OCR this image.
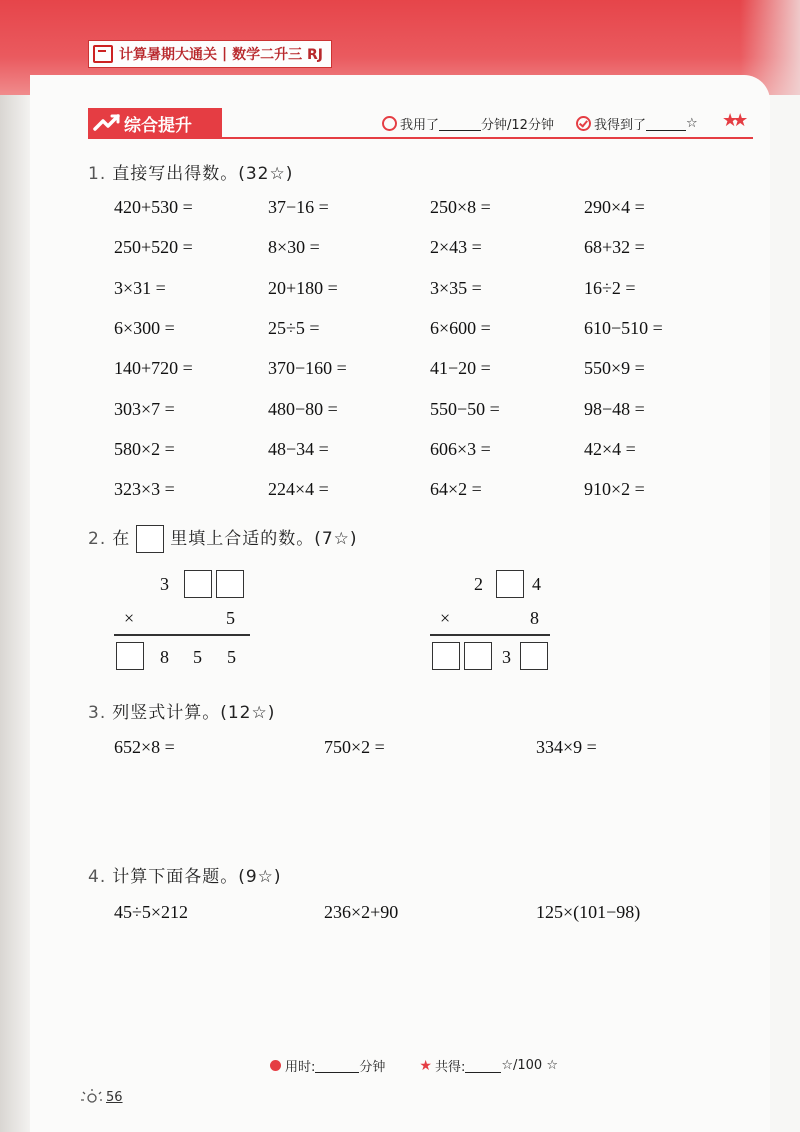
计算暑期大通关 | 数学二升三 RJ
综合提升	我用了	分钟/12分钟	我得到了	☆ ★★
1. 直接写出得数。(32☆)
420+530 =	37−16 =	250×8 =	290×4 =
250+520 =	8×30 =	2×43 =	68+32 =
3×31 =	20+180 =	3×35 =	16÷2 =
6×300 =	25÷5 =	6×600 =	610−510 =
140+720 =	370−160 =	41−20 =	550×9 =
303×7 =	480−80 =	550−50 =	98−48 =
580×2 =	48−34 =	606×3 =	42×4 =
323×3 =	224×4 =	64×2 =	910×2 =
2. 在 里填上合适的数。(7☆)
3
×	5
8 5 5
2	4
×	8
3
3. 列竖式计算。(12☆)
652×8 =	750×2 =	334×9 =
4. 计算下面各题。(9☆)
45÷5×212	236×2+90	125×(101−98)
用时:	分钟 ★ 共得:	☆/100 ☆
56
